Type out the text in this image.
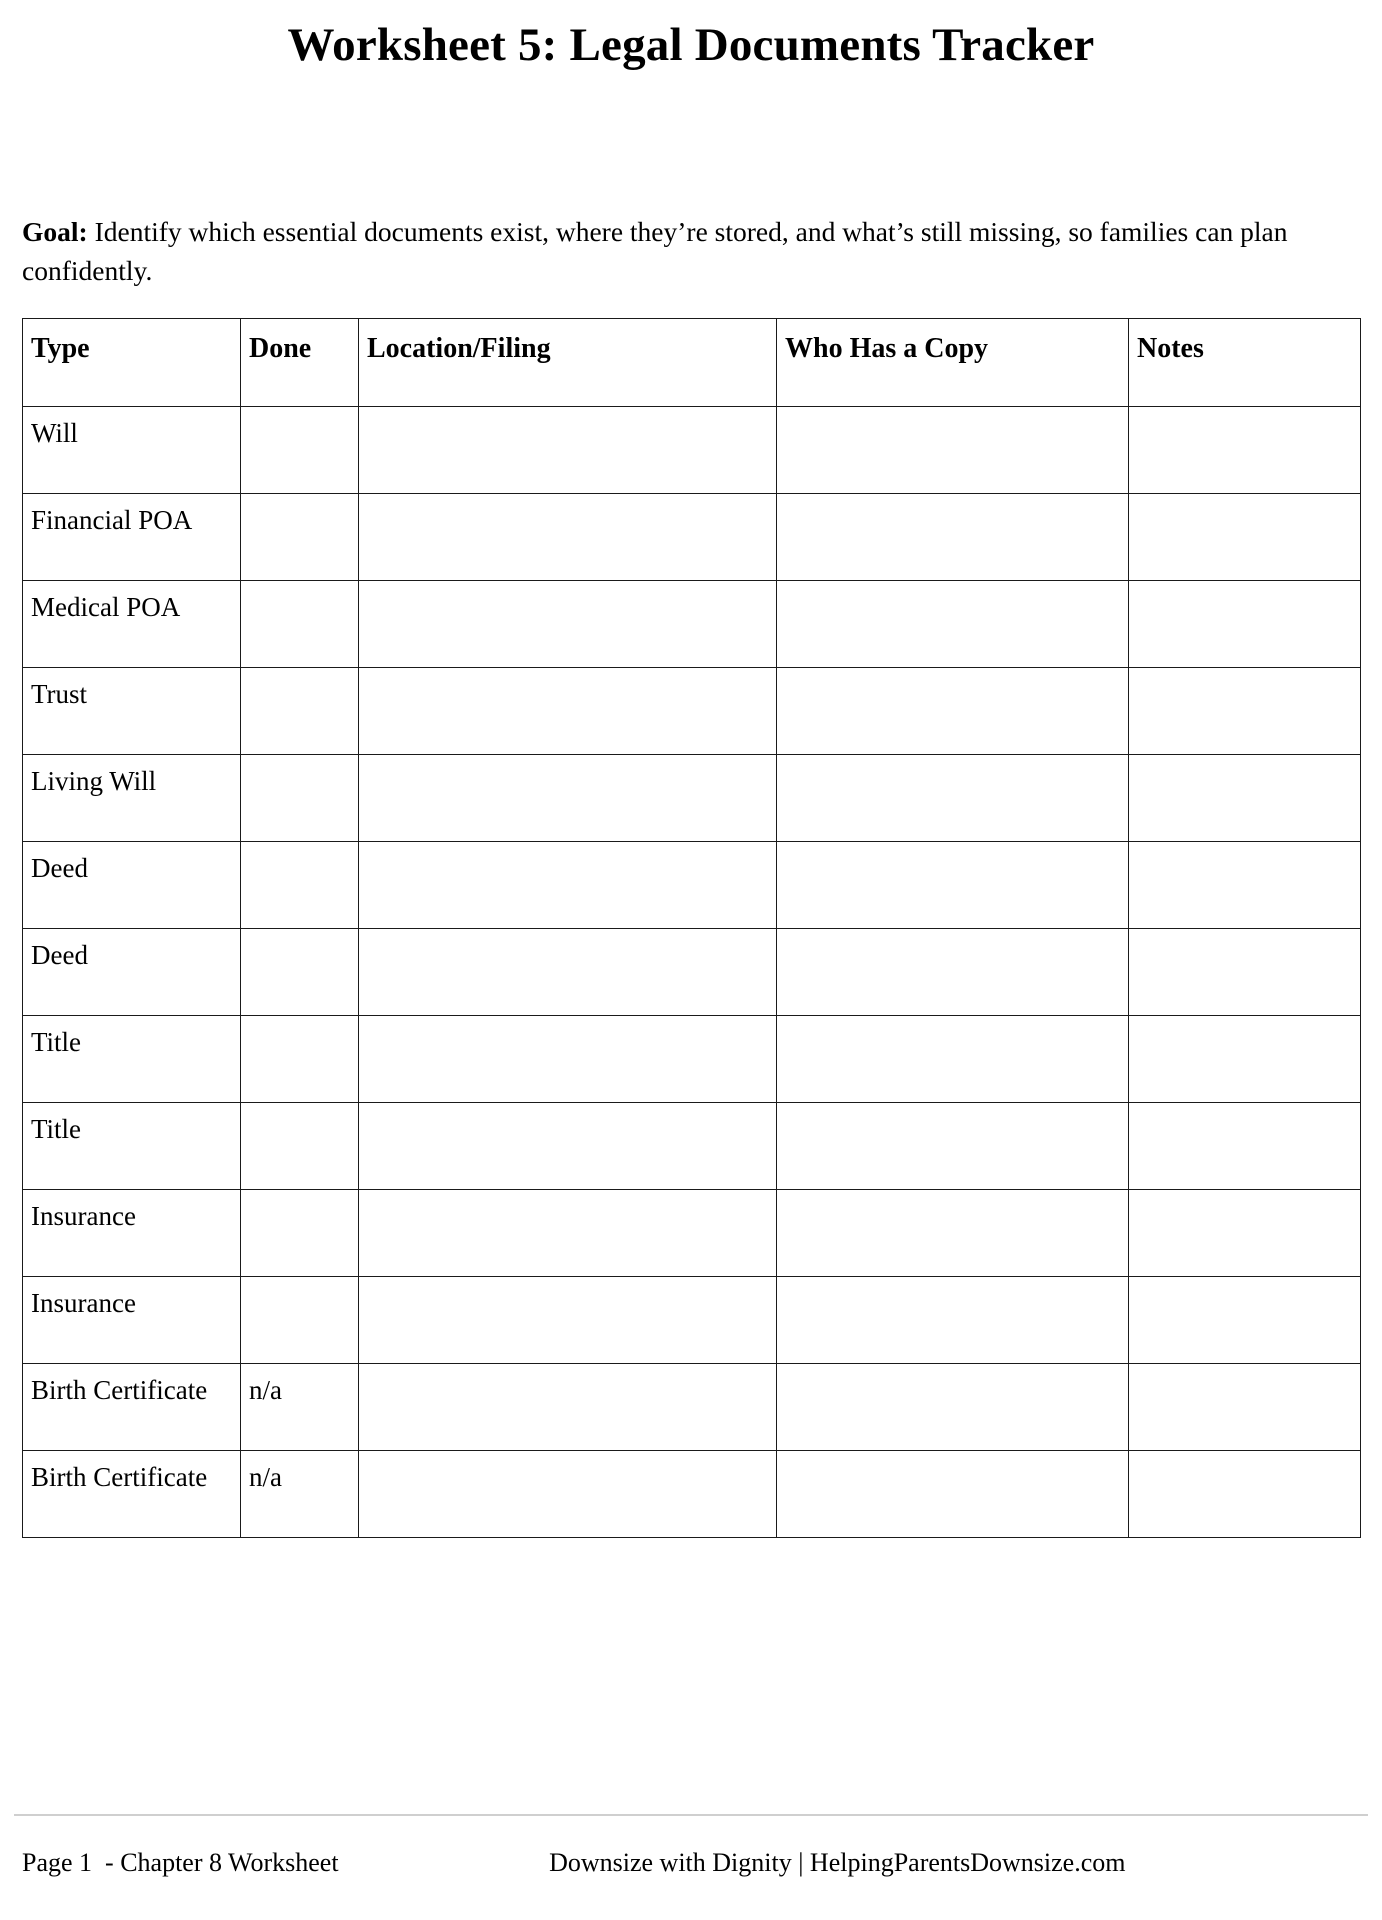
Worksheet 5: Legal Documents Tracker

Goal: Identify which essential documents exist, where they’re stored, and what’s still missing, so families can plan confidently.

Type	Done	Location/Filing	Who Has a Copy	Notes
Will				
Financial POA				
Medical POA				
Trust				
Living Will				
Deed				
Deed				
Title				
Title				
Insurance				
Insurance				
Birth Certificate	n/a			
Birth Certificate	n/a			
Page 1  - Chapter 8 Worksheet	Downsize with Dignity | HelpingParentsDownsize.com
